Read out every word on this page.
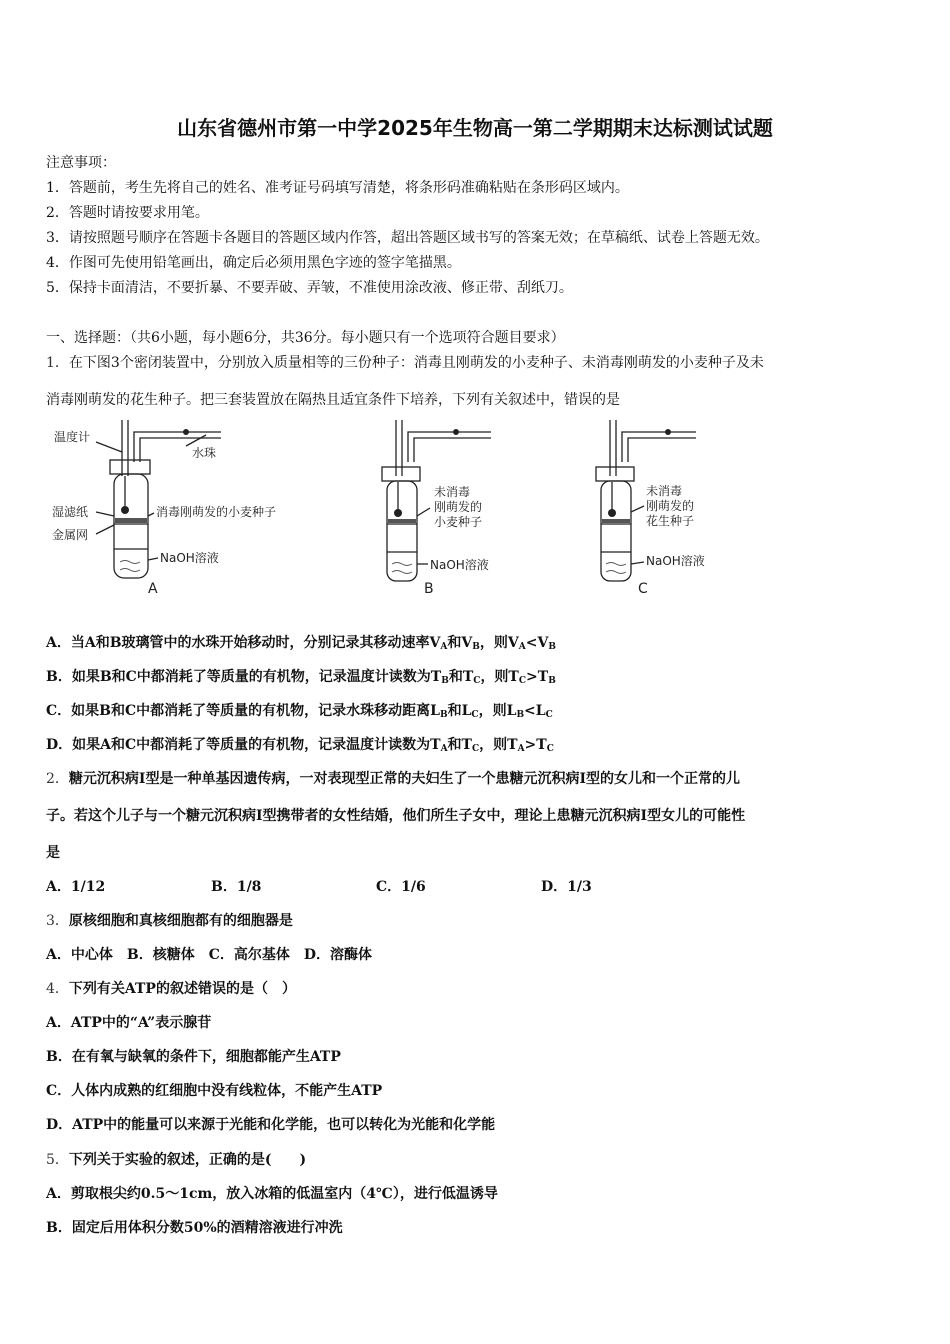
山东省德州市第一中学2025年生物高一第二学期期末达标测试试题
注意事项：
1．答题前，考生先将自己的姓名、准考证号码填写清楚，将条形码准确粘贴在条形码区域内。
2．答题时请按要求用笔。
3．请按照题号顺序在答题卡各题目的答题区域内作答，超出答题区域书写的答案无效；在草稿纸、试卷上答题无效。
4．作图可先使用铅笔画出，确定后必须用黑色字迹的签字笔描黑。
5．保持卡面清洁，不要折暴、不要弄破、弄皱，不准使用涂改液、修正带、刮纸刀。
一、选择题：（共6小题，每小题6分，共36分。每小题只有一个选项符合题目要求）
1．在下图3个密闭装置中，分别放入质量相等的三份种子：消毒且刚萌发的小麦种子、未消毒刚萌发的小麦种子及未
消毒刚萌发的花生种子。把三套装置放在隔热且适宜条件下培养，下列有关叙述中，错误的是
温度计
水珠
湿滤纸
金属网
消毒刚萌发的小麦种子
NaOH溶液
A
未消毒
刚萌发的
小麦种子
NaOH溶液
B
未消毒
刚萌发的
花生种子
NaOH溶液
C
A．当A和B玻璃管中的水珠开始移动时，分别记录其移动速率$V_A$和$V_B$，则$V_A<V_B$
B．如果B和C中都消耗了等质量的有机物，记录温度计读数为$T_B$和$T_C$，则$T_C>T_B$
C．如果B和C中都消耗了等质量的有机物，记录水珠移动距离$L_B$和$L_C$，则$L_B<L_C$
D．如果A和C中都消耗了等质量的有机物，记录温度计读数为$T_A$和$T_C$，则$T_A>T_C$
2．糖元沉积病Ⅰ型是一种单基因遗传病，一对表现型正常的夫妇生了一个患糖元沉积病Ⅰ型的女儿和一个正常的儿
子。若这个儿子与一个糖元沉积病Ⅰ型携带者的女性结婚，他们所生子女中，理论上患糖元沉积病Ⅰ型女儿的可能性
是
A．1/12	B．1/8	C．1/6	D．1/3
3．原核细胞和真核细胞都有的细胞器是
A．中心体　B．核糖体　C．高尔基体　D．溶酶体
4．下列有关ATP的叙述错误的是（　）
A．ATP中的“A”表示腺苷
B．在有氧与缺氧的条件下，细胞都能产生ATP
C．人体内成熟的红细胞中没有线粒体，不能产生ATP
D．ATP中的能量可以来源于光能和化学能，也可以转化为光能和化学能
5．下列关于实验的叙述，正确的是(　　)
A．剪取根尖约0.5～1cm，放入冰箱的低温室内（4℃），进行低温诱导
B．固定后用体积分数50%的酒精溶液进行冲洗
